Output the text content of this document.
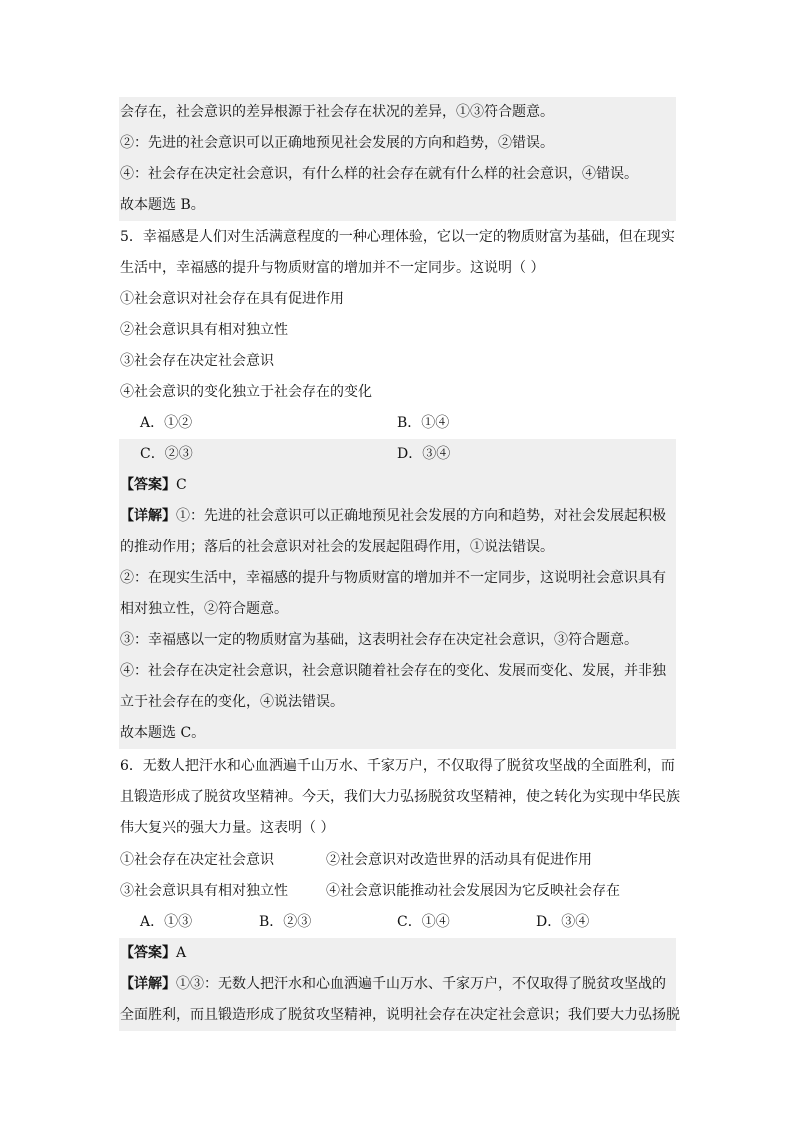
会存在，社会意识的差异根源于社会存在状况的差异，①③符合题意。
②：先进的社会意识可以正确地预见社会发展的方向和趋势，②错误。
④：社会存在决定社会意识，有什么样的社会存在就有什么样的社会意识，④错误。
故本题选 B。
5．幸福感是人们对生活满意程度的一种心理体验，它以一定的物质财富为基础，但在现实
生活中，幸福感的提升与物质财富的增加并不一定同步。这说明（ ）
①社会意识对社会存在具有促进作用
②社会意识具有相对独立性
③社会存在决定社会意识
④社会意识的变化独立于社会存在的变化
A．①②	B．①④
C．②③	D．③④
【答案】C
【详解】①：先进的社会意识可以正确地预见社会发展的方向和趋势，对社会发展起积极
的推动作用；落后的社会意识对社会的发展起阻碍作用，①说法错误。
②：在现实生活中，幸福感的提升与物质财富的增加并不一定同步，这说明社会意识具有
相对独立性，②符合题意。
③：幸福感以一定的物质财富为基础，这表明社会存在决定社会意识，③符合题意。
④：社会存在决定社会意识，社会意识随着社会存在的变化、发展而变化、发展，并非独
立于社会存在的变化，④说法错误。
故本题选 C。
6．无数人把汗水和心血洒遍千山万水、千家万户，不仅取得了脱贫攻坚战的全面胜利，而
且锻造形成了脱贫攻坚精神。今天，我们大力弘扬脱贫攻坚精神，使之转化为实现中华民族
伟大复兴的强大力量。这表明（ ）
①社会存在决定社会意识	②社会意识对改造世界的活动具有促进作用
③社会意识具有相对独立性	④社会意识能推动社会发展因为它反映社会存在
A．①③	B．②③	C．①④	D．③④
【答案】A
【详解】①③：无数人把汗水和心血洒遍千山万水、千家万户，不仅取得了脱贫攻坚战的
全面胜利，而且锻造形成了脱贫攻坚精神，说明社会存在决定社会意识；我们要大力弘扬脱
